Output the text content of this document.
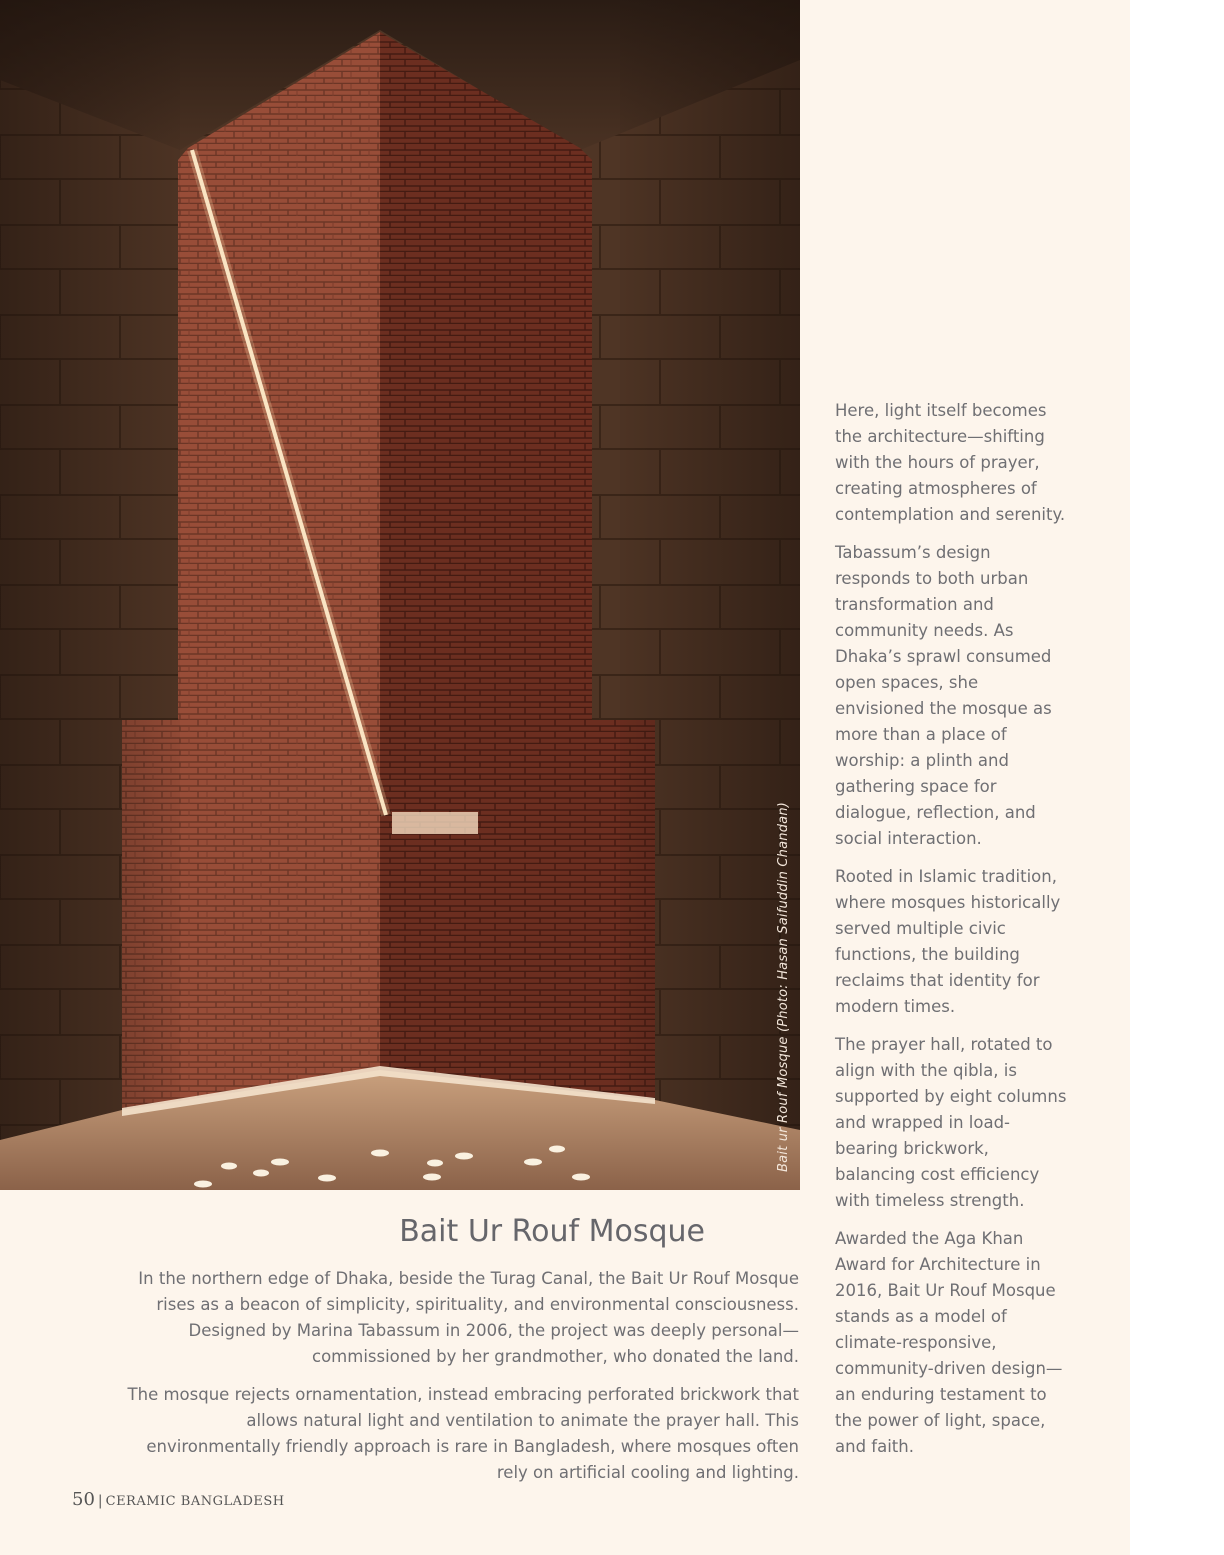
Bait ur Rouf Mosque (Photo: Hasan Saifuddin Chandan)
Bait Ur Rouf Mosque

In the northern edge of Dhaka, beside the Turag Canal, the Bait Ur Rouf Mosque rises as a beacon of simplicity, spirituality, and environmental consciousness. Designed by Marina Tabassum in 2006, the project was deeply personal—commissioned by her grandmother, who donated the land.

The mosque rejects ornamentation, instead embracing perforated brickwork that allows natural light and ventilation to animate the prayer hall. This environmentally friendly approach is rare in Bangladesh, where mosques often rely on artificial cooling and lighting.

Here, light itself becomes the architecture—shifting with the hours of prayer, creating atmospheres of contemplation and serenity.

Tabassum’s design responds to both urban transformation and community needs. As Dhaka’s sprawl consumed open spaces, she envisioned the mosque as more than a place of worship: a plinth and gathering space for dialogue, reflection, and social interaction.

Rooted in Islamic tradition, where mosques historically served multiple civic functions, the building reclaims that identity for modern times.

The prayer hall, rotated to align with the qibla, is supported by eight columns and wrapped in load-bearing brickwork, balancing cost efficiency with timeless strength.

Awarded the Aga Khan Award for Architecture in 2016, Bait Ur Rouf Mosque stands as a model of climate-responsive, community-driven design—an enduring testament to the power of light, space, and faith.

50 | CERAMIC BANGLADESH
